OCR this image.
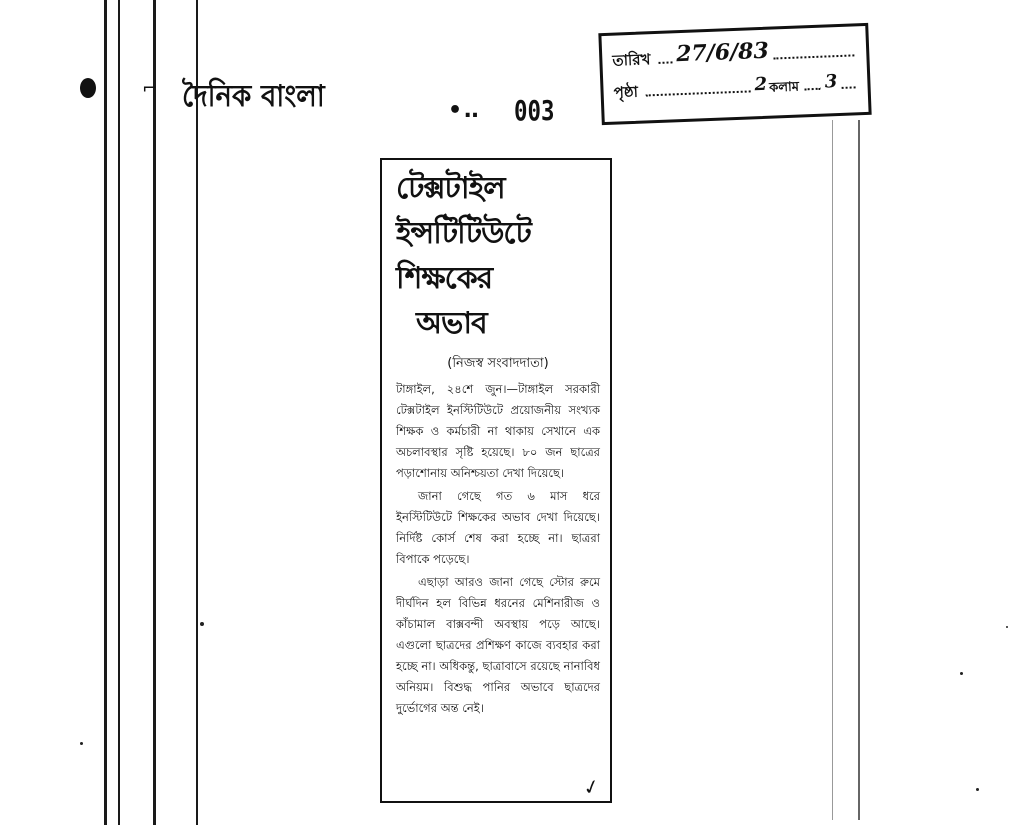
⌐ দৈনিক বাংলা	•‥ 003
তারিখ 27/6/83
পৃষ্ঠা	2 কলাম 3
টেক্সটাইল
ইন্সটিটিউটে
শিক্ষকের
অভাব
(নিজস্ব সংবাদদাতা)

টাঙ্গাইল, ২৪শে জুন।—টাঙ্গাইল সরকারী টেক্সটাইল ইনস্টিটিউটে প্রয়োজনীয় সংখ্যক শিক্ষক ও কর্মচারী না থাকায় সেখানে এক অচলাবস্থার সৃষ্টি হয়েছে। ৮০ জন ছাত্রের পড়াশোনায় অনিশ্চয়তা দেখা দিয়েছে।

জানা গেছে গত ৬ মাস ধরে ইনস্টিটিউটে শিক্ষকের অভাব দেখা দিয়েছে। নির্দিষ্ট কোর্স শেষ করা হচ্ছে না। ছাত্ররা বিপাকে পড়েছে।

এছাড়া আরও জানা গেছে স্টোর রুমে দীর্ঘদিন হল বিভিন্ন ধরনের মেশিনারীজ ও কাঁচামাল বাক্সবন্দী অবস্থায় পড়ে আছে। এগুলো ছাত্রদের প্রশিক্ষণ কাজে ব্যবহার করা হচ্ছে না। অধিকন্তু, ছাত্রাবাসে রয়েছে নানাবিধ অনিয়ম। বিশুদ্ধ পানির অভাবে ছাত্রদের দুর্ভোগের অন্ত নেই।

✓
